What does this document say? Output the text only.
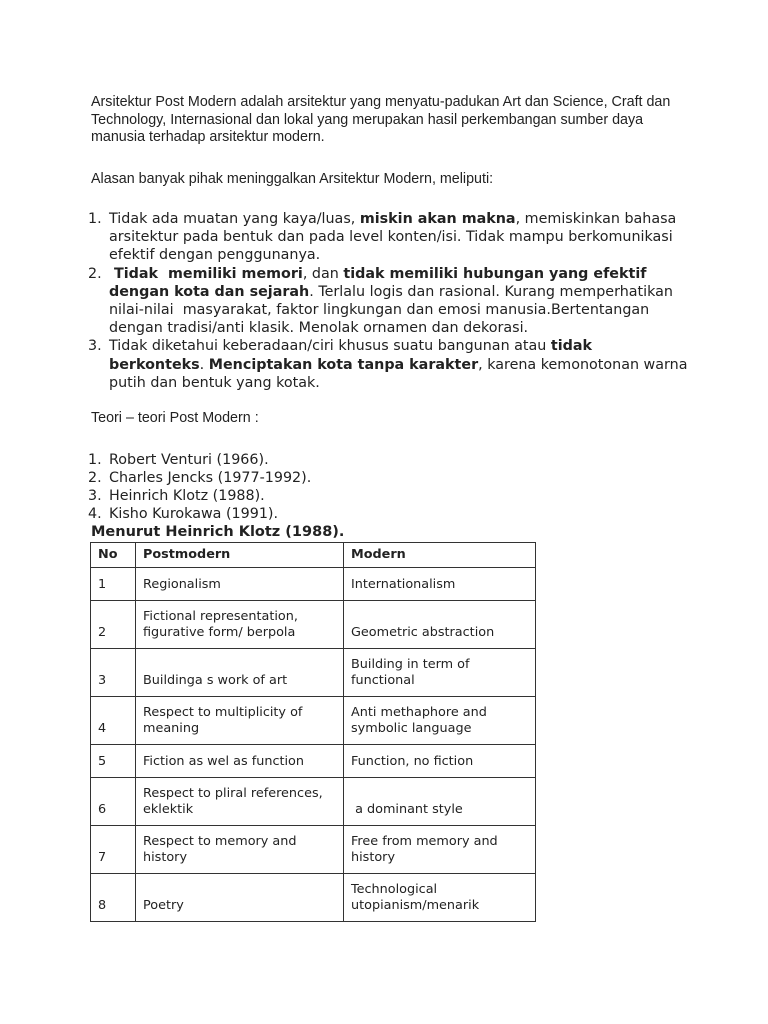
Arsitektur Post Modern adalah arsitektur yang menyatu-padukan Art dan Science, Craft dan Technology, Internasional dan lokal yang merupakan hasil perkembangan sumber daya manusia terhadap arsitektur modern.

Alasan banyak pihak meninggalkan Arsitektur Modern, meliputi:

1. Tidak ada muatan yang kaya/luas, miskin akan makna, memiskinkan bahasa arsitektur pada bentuk dan pada level konten/isi. Tidak mampu berkomunikasi efektif dengan penggunanya.
2. Tidak  memiliki memori, dan tidak memiliki hubungan yang efektif  dengan kota dan sejarah. Terlalu logis dan rasional. Kurang memperhatikan nilai-nilai  masyarakat, faktor lingkungan dan emosi manusia.Bertentangan dengan tradisi/anti klasik. Menolak ornamen dan dekorasi.
3. Tidak diketahui keberadaan/ciri khusus suatu bangunan atau tidak berkonteks. Menciptakan kota tanpa karakter, karena kemonotonan warna putih dan bentuk yang kotak.

Teori – teori Post Modern :

1. Robert Venturi (1966).
2. Charles Jencks (1977-1992).
3. Heinrich Klotz (1988).
4. Kisho Kurokawa (1991).

Menurut Heinrich Klotz (1988).

No	Postmodern	Modern
1	Regionalism	Internationalism
2	Fictional representation, figurative form/ berpola	Geometric abstraction
3	Buildinga s work of art	Building in term of functional
4	Respect to multiplicity of meaning	Anti methaphore and symbolic language
5	Fiction as wel as function	Function, no fiction
6	Respect to pliral references, eklektik	a dominant style
7	Respect to memory and history	Free from memory and history
8	Poetry	Technological utopianism/menarik
